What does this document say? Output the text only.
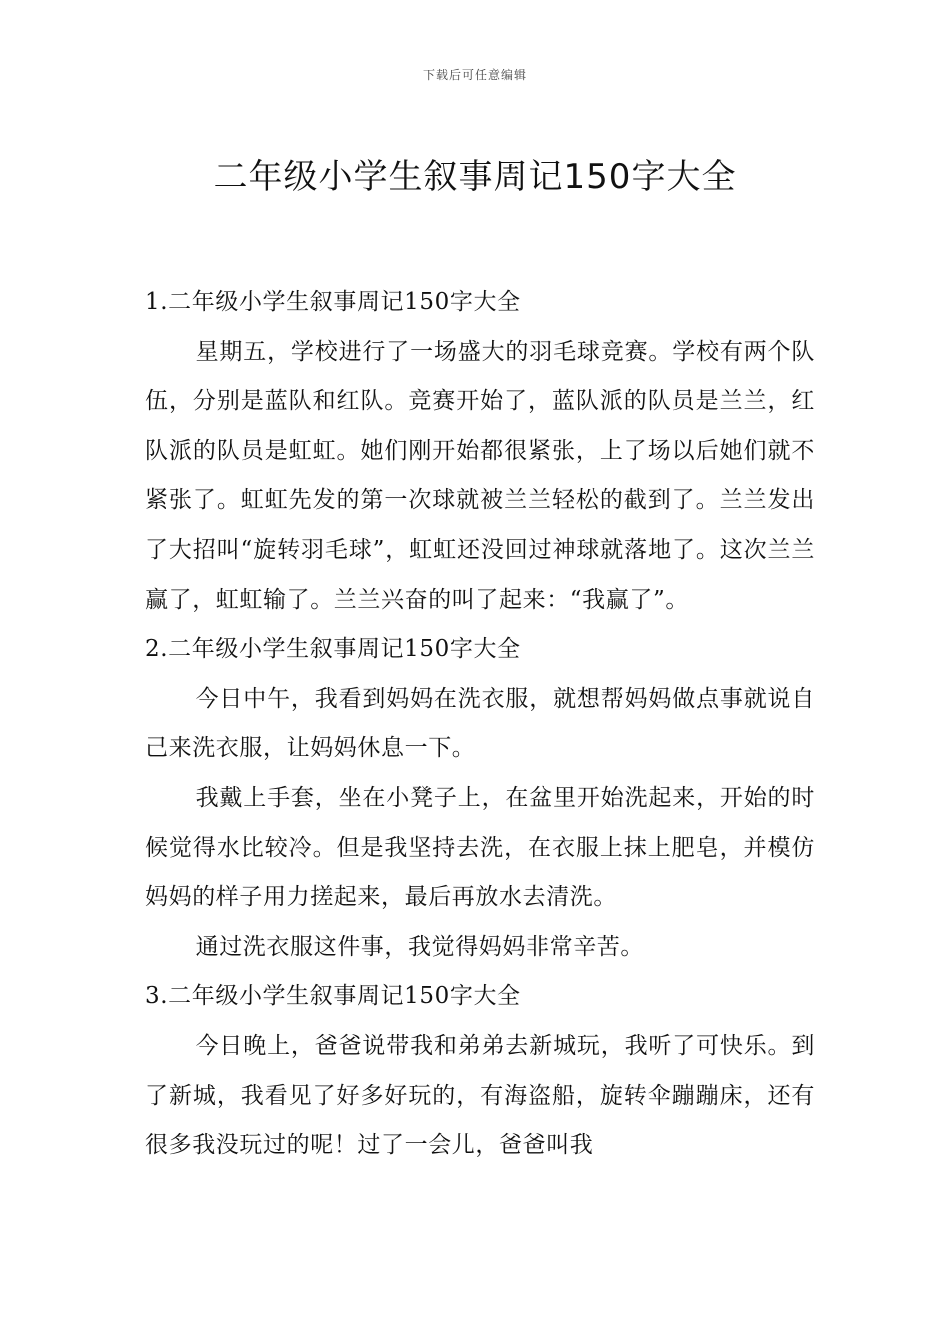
下载后可任意编辑
二年级小学生叙事周记150字大全

1.二年级小学生叙事周记150字大全

星期五，学校进行了一场盛大的羽毛球竞赛。学校有两个队伍，分别是蓝队和红队。竞赛开始了，蓝队派的队员是兰兰，红队派的队员是虹虹。她们刚开始都很紧张，上了场以后她们就不紧张了。虹虹先发的第一次球就被兰兰轻松的截到了。兰兰发出了大招叫“旋转羽毛球”，虹虹还没回过神球就落地了。这次兰兰赢了，虹虹输了。兰兰兴奋的叫了起来：“我赢了”。

2.二年级小学生叙事周记150字大全

今日中午，我看到妈妈在洗衣服，就想帮妈妈做点事就说自己来洗衣服，让妈妈休息一下。

我戴上手套，坐在小凳子上，在盆里开始洗起来，开始的时候觉得水比较冷。但是我坚持去洗，在衣服上抹上肥皂，并模仿妈妈的样子用力搓起来，最后再放水去清洗。

通过洗衣服这件事，我觉得妈妈非常辛苦。

3.二年级小学生叙事周记150字大全

今日晚上，爸爸说带我和弟弟去新城玩，我听了可快乐。到了新城，我看见了好多好玩的，有海盗船，旋转伞蹦蹦床，还有很多我没玩过的呢！过了一会儿，爸爸叫我
